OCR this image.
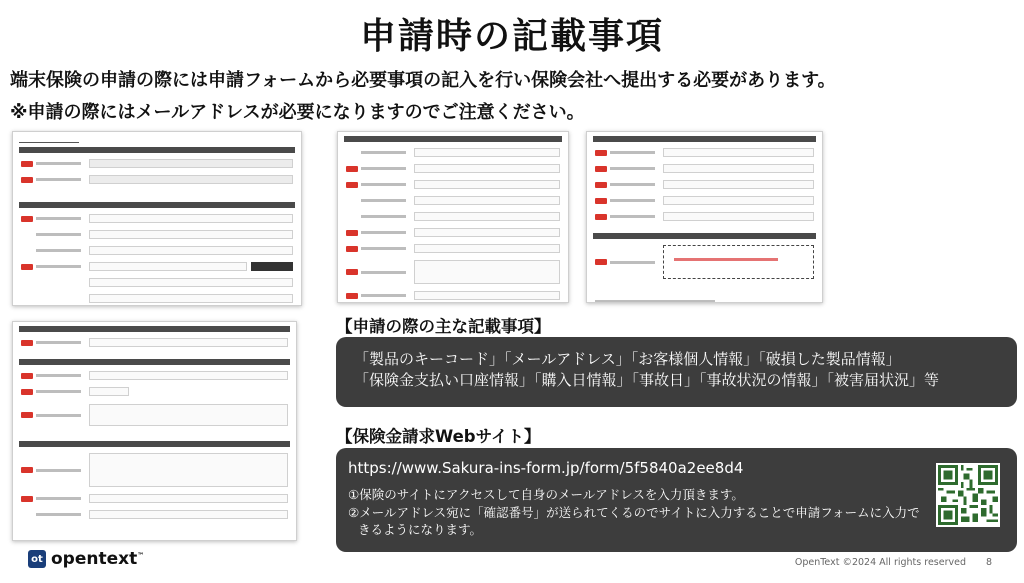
申請時の記載事項
端末保険の申請の際には申請フォームから必要事項の記入を行い保険会社へ提出する必要があります。
※申請の際にはメールアドレスが必要になりますのでご注意ください。
【申請の際の主な記載事項】
「製品のキーコード」「メールアドレス」「お客様個人情報」「破損した製品情報」
「保険金支払い口座情報」「購入日情報」「事故日」「事故状況の情報」「被害届状況」等
【保険金請求Webサイト】
https://www.Sakura-ins-form.jp/form/5f5840a2ee8d4
①保険のサイトにアクセスして自身のメールアドレスを入力頂きます。
②メールアドレス宛に「確認番号」が送られてくるのでサイトに入力することで申請フォームに入力で
きるようになります。
ot opentext™
OpenText ©2024 All rights reserved 8
